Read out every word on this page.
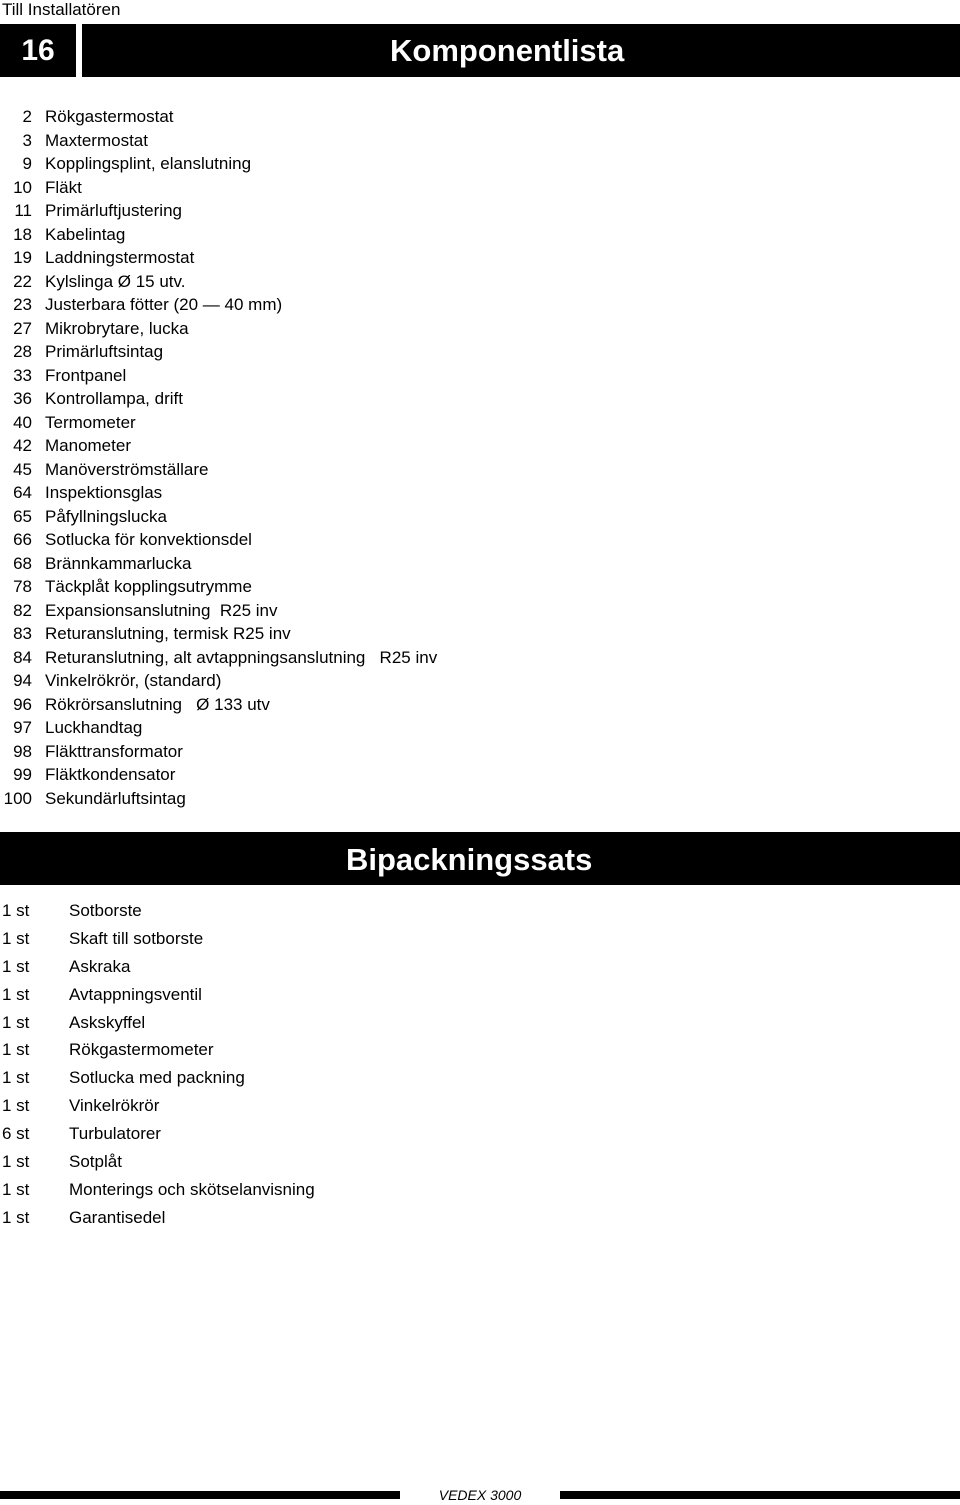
Till Installatören
16	Komponentlista
2 Rökgastermostat
3 Maxtermostat
9 Kopplingsplint, elanslutning
10 Fläkt
11 Primärluftjustering
18 Kabelintag
19 Laddningstermostat
22 Kylslinga Ø 15 utv.
23 Justerbara fötter (20 — 40 mm)
27 Mikrobrytare, lucka
28 Primärluftsintag
33 Frontpanel
36 Kontrollampa, drift
40 Termometer
42 Manometer
45 Manöverströmställare
64 Inspektionsglas
65 Påfyllningslucka
66 Sotlucka för konvektionsdel
68 Brännkammarlucka
78 Täckplåt kopplingsutrymme
82 Expansionsanslutning  R25 inv
83 Returanslutning, termisk R25 inv
84 Returanslutning, alt avtappningsanslutning   R25 inv
94 Vinkelrökrör, (standard)
96 Rökrörsanslutning   Ø 133 utv
97 Luckhandtag
98 Fläkttransformator
99 Fläktkondensator
100 Sekundärluftsintag
Bipackningssats
1 st	Sotborste
1 st	Skaft till sotborste
1 st	Askraka
1 st	Avtappningsventil
1 st	Askskyffel
1 st	Rökgastermometer
1 st	Sotlucka med packning
1 st	Vinkelrökrör
6 st	Turbulatorer
1 st	Sotplåt
1 st	Monterings och skötselanvisning
1 st	Garantisedel
VEDEX 3000
